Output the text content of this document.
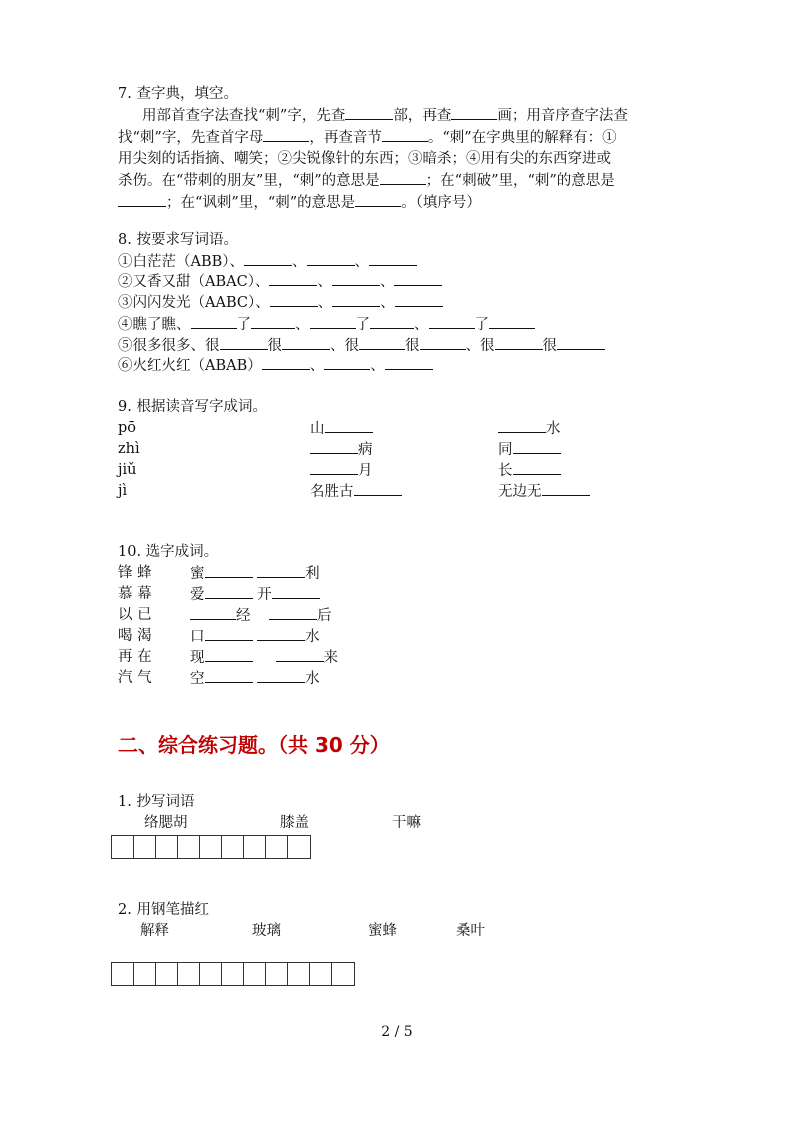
7. 查字典，填空。
用部首查字法查找“刺”字，先查	部，再查	画；用音序查字法查
找“刺”字，先查首字母	，再查音节	。“刺”在字典里的解释有：①
用尖刻的话指摘、嘲笑；②尖锐像针的东西；③暗杀；④用有尖的东西穿进或
杀伤。在“带刺的朋友”里，“刺”的意思是	；在“刺破”里，“刺”的意思是
；在“讽刺”里，“刺”的意思是	。（填序号）
8. 按要求写词语。
①白茫茫（ABB）、	、	、
②又香又甜（ABAC）、	、	、
③闪闪发光（AABC）、	、	、
④瞧了瞧、	了	、	了	、	了
⑤很多很多、很	很	、很	很	、很	很
⑥火红火红（ABAB）	、	、
9. 根据读音写字成词。
pō	山	水
zhì	病	同
jiǔ	月	长
jì	名胜古	无边无
10. 选字成词。
锋 蜂	蜜	利
慕 幕	爱	开
以 已	经	后
喝 渴	口	水
再 在	现	来
汽 气	空	水
二、综合练习题。（共 30 分）
1. 抄写词语
络腮胡	膝盖	干嘛
2. 用钢笔描红
解释	玻璃	蜜蜂	桑叶
2 / 5
